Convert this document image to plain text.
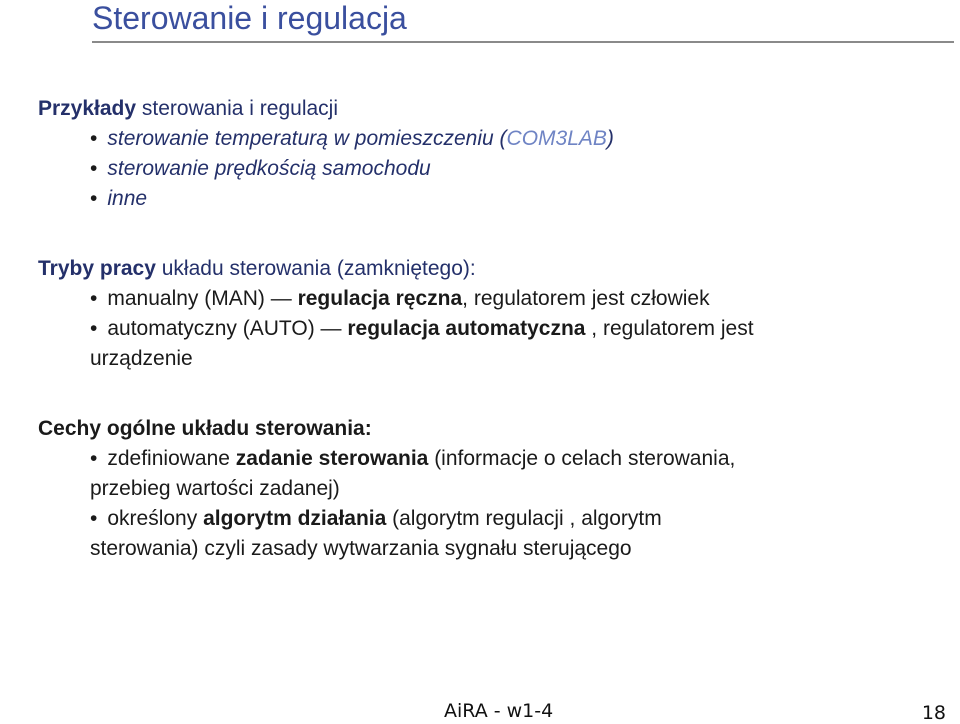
Sterowanie i regulacja
Przykłady sterowania i regulacji
• sterowanie temperaturą w pomieszczeniu (COM3LAB)
• sterowanie prędkością samochodu
• inne
Tryby pracy układu sterowania (zamkniętego):
• manualny (MAN) — regulacja ręczna, regulatorem jest człowiek
• automatyczny (AUTO) — regulacja automatyczna , regulatorem jest
urządzenie
Cechy ogólne układu sterowania:
• zdefiniowane zadanie sterowania (informacje o celach sterowania,
przebieg wartości zadanej)
• określony algorytm działania (algorytm regulacji , algorytm
sterowania) czyli zasady wytwarzania sygnału sterującego
AiRA - w1-4	18
